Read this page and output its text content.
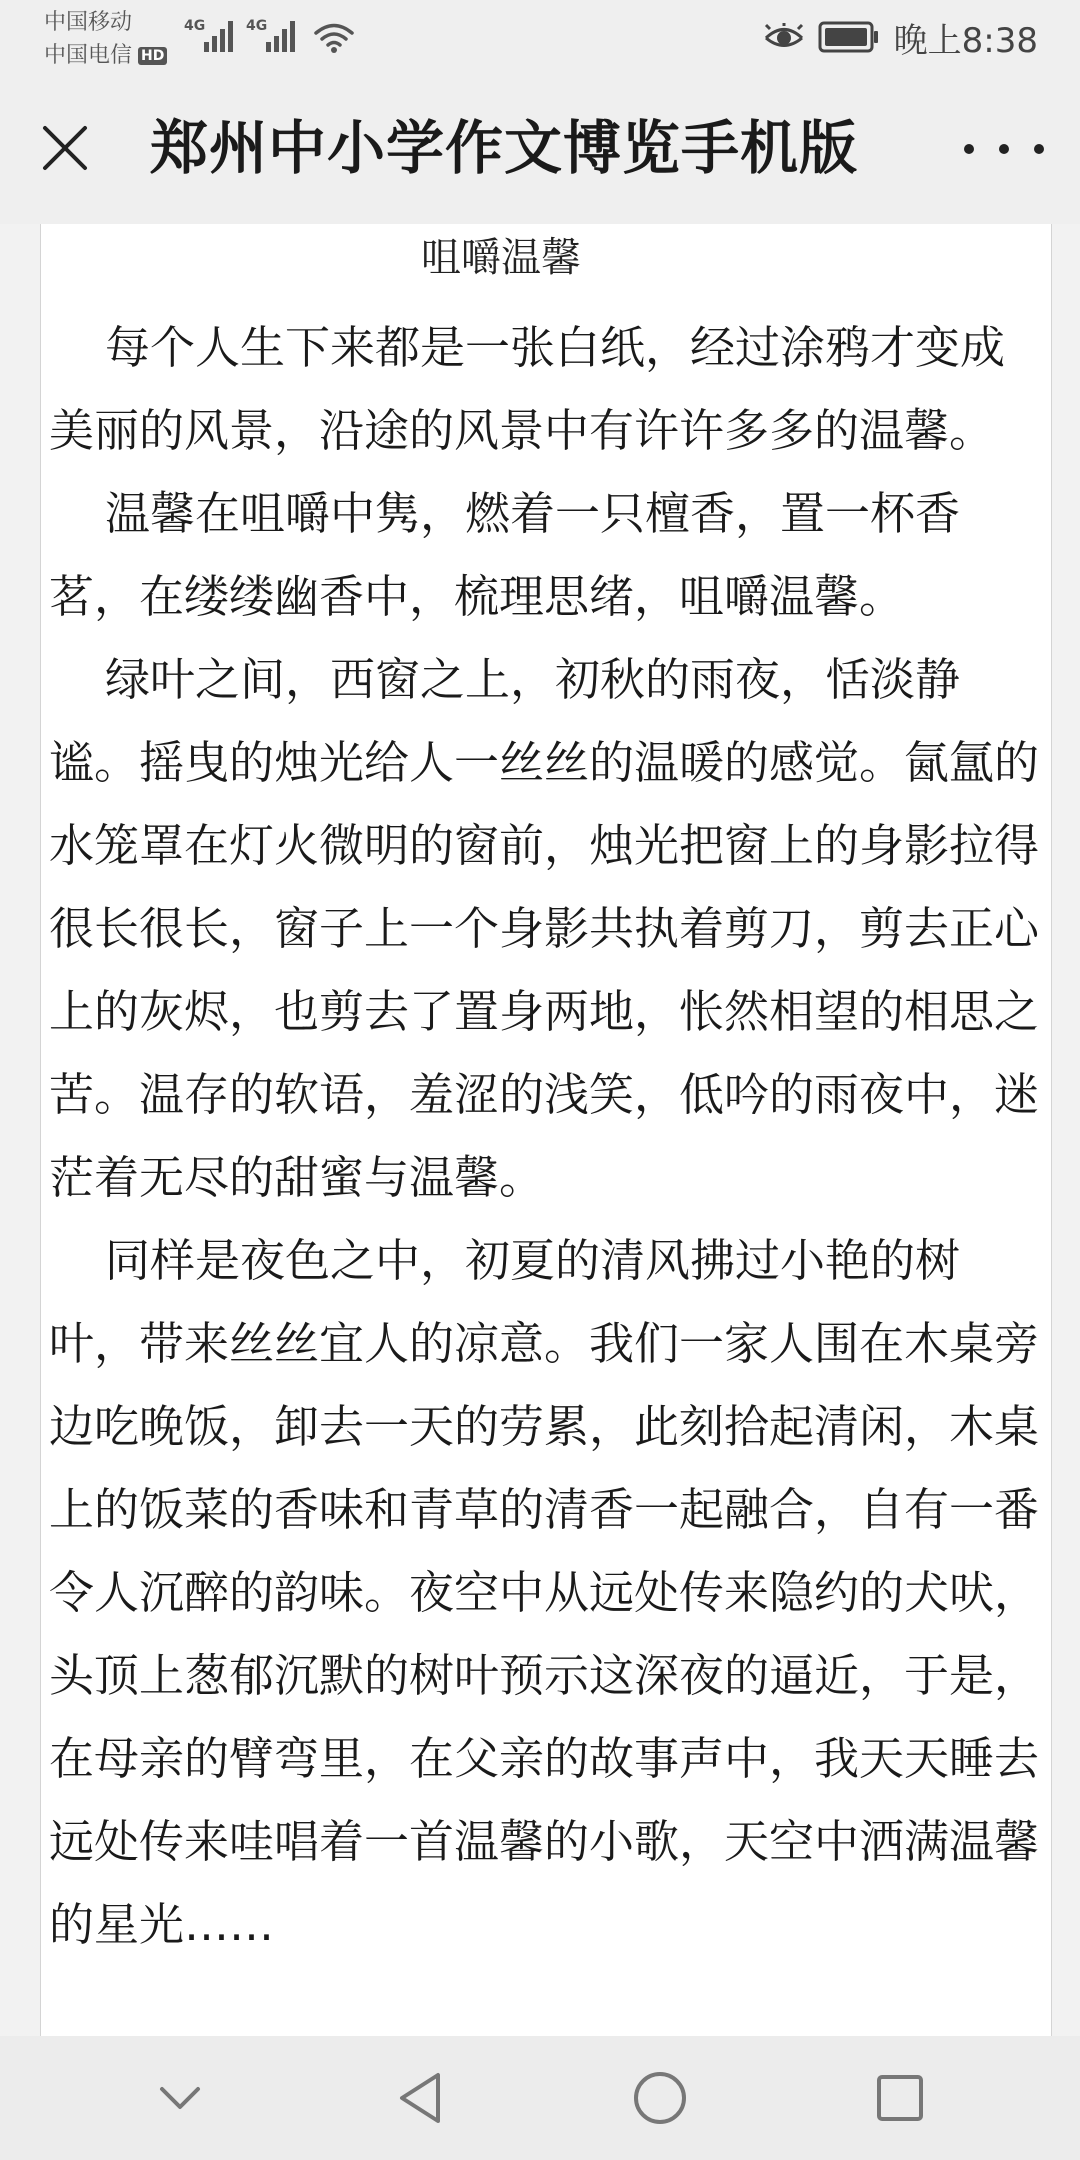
中国移动
中国电信 HD
4G	4G	晚上8:38
郑州中小学作文博览手机版
咀嚼温馨

每个人生下来都是一张白纸，经过涂鸦才变成美丽的风景，沿途的风景中有许许多多的温馨。

温馨在咀嚼中隽，燃着一只檀香，置一杯香茗，在缕缕幽香中，梳理思绪，咀嚼温馨。

绿叶之间，西窗之上，初秋的雨夜，恬淡静谧。摇曳的烛光给人一丝丝的温暖的感觉。氤氲的水笼罩在灯火微明的窗前，烛光把窗上的身影拉得很长很长，窗子上一个身影共执着剪刀，剪去正心上的灰烬，也剪去了置身两地，怅然相望的相思之苦。温存的软语，羞涩的浅笑，低吟的雨夜中，迷茫着无尽的甜蜜与温馨。

同样是夜色之中，初夏的清风拂过小艳的树叶，带来丝丝宜人的凉意。我们一家人围在木桌旁边吃晚饭，卸去一天的劳累，此刻拾起清闲，木桌上的饭菜的香味和青草的清香一起融合，自有一番令人沉醉的韵味。夜空中从远处传来隐约的犬吠，头顶上葱郁沉默的树叶预示这深夜的逼近，于是，在母亲的臂弯里，在父亲的故事声中，我天天睡去远处传来哇唱着一首温馨的小歌，天空中洒满温馨的星光……
